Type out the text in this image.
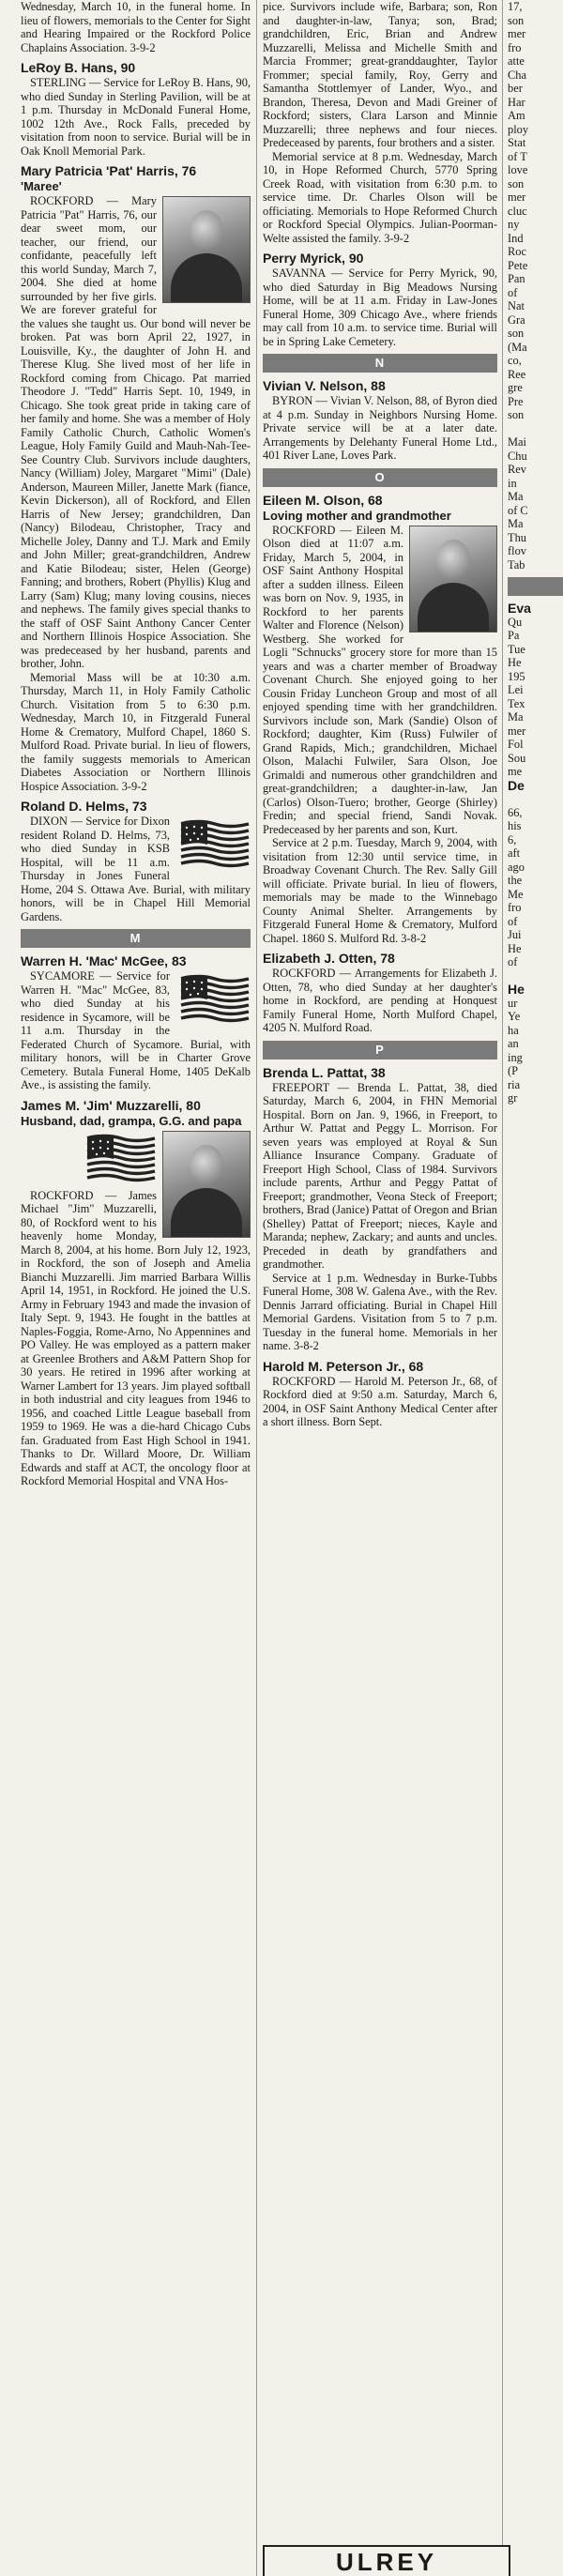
Wednesday, March 10, in the funeral home. In lieu of flowers, memorials to the Center for Sight and Hearing Impaired or the Rockford Police Chaplains Association. 3-9-2

LeRoy B. Hans, 90

STERLING — Service for LeRoy B. Hans, 90, who died Sunday in Sterling Pavilion, will be at 1 p.m. Thursday in McDonald Funeral Home, 1002 12th Ave., Rock Falls, preceded by visitation from noon to service. Burial will be in Oak Knoll Memorial Park.

Mary Patricia 'Pat' Harris, 76
'Maree'

ROCKFORD — Mary Patricia "Pat" Harris, 76, our dear sweet mom, our teacher, our friend, our confidante, peacefully left this world Sunday, March 7, 2004. She died at home surrounded by her five girls. We are forever grateful for the values she taught us. Our bond will never be broken. Pat was born April 22, 1927, in Louisville, Ky., the daughter of John H. and Therese Klug. She lived most of her life in Rockford coming from Chicago. Pat married Theodore J. "Tedd" Harris Sept. 10, 1949, in Chicago. She took great pride in taking care of her family and home. She was a member of Holy Family Catholic Church, Catholic Women's League, Holy Family Guild and Mauh-Nah-Tee-See Country Club. Survivors include daughters, Nancy (William) Joley, Margaret "Mimi" (Dale) Anderson, Maureen Miller, Janette Mark (fiance, Kevin Dickerson), all of Rockford, and Ellen Harris of New Jersey; grandchildren, Dan (Nancy) Bilodeau, Christopher, Tracy and Michelle Joley, Danny and T.J. Mark and Emily and John Miller; great-grandchildren, Andrew and Katie Bilodeau; sister, Helen (George) Fanning; and brothers, Robert (Phyllis) Klug and Larry (Sam) Klug; many loving cousins, nieces and nephews. The family gives special thanks to the staff of OSF Saint Anthony Cancer Center and Northern Illinois Hospice Association. She was predeceased by her husband, parents and brother, John.

Memorial Mass will be at 10:30 a.m. Thursday, March 11, in Holy Family Catholic Church. Visitation from 5 to 6:30 p.m. Wednesday, March 10, in Fitzgerald Funeral Home & Crematory, Mulford Chapel, 1860 S. Mulford Road. Private burial. In lieu of flowers, the family suggests memorials to American Diabetes Association or Northern Illinois Hospice Association. 3-9-2

Roland D. Helms, 73

DIXON — Service for Dixon resident Roland D. Helms, 73, who died Sunday in KSB Hospital, will be 11 a.m. Thursday in Jones Funeral Home, 204 S. Ottawa Ave. Burial, with military honors, will be in Chapel Hill Memorial Gardens.

M
Warren H. 'Mac' McGee, 83

SYCAMORE — Service for Warren H. "Mac" McGee, 83, who died Sunday at his residence in Sycamore, will be 11 a.m. Thursday in the Federated Church of Sycamore. Burial, with military honors, will be in Charter Grove Cemetery. Butala Funeral Home, 1405 DeKalb Ave., is assisting the family.

James M. 'Jim' Muzzarelli, 80
Husband, dad, grampa, G.G. and papa

ROCKFORD — James Michael "Jim" Muzzarelli, 80, of Rockford went to his heavenly home Monday, March 8, 2004, at his home. Born July 12, 1923, in Rockford, the son of Joseph and Amelia Bianchi Muzzarelli. Jim married Barbara Willis April 14, 1951, in Rockford. He joined the U.S. Army in February 1943 and made the invasion of Italy Sept. 9, 1943. He fought in the battles at Naples-Foggia, Rome-Arno, No Appennines and PO Valley. He was employed as a pattern maker at Greenlee Brothers and A&M Pattern Shop for 30 years. He retired in 1996 after working at Warner Lambert for 13 years. Jim played softball in both industrial and city leagues from 1946 to 1956, and coached Little League baseball from 1959 to 1969. He was a die-hard Chicago Cubs fan. Graduated from East High School in 1941. Thanks to Dr. Willard Moore, Dr. William Edwards and staff at ACT, the oncology floor at Rockford Memorial Hospital and VNA Hos-

pice. Survivors include wife, Barbara; son, Ron and daughter-in-law, Tanya; son, Brad; grandchildren, Eric, Brian and Andrew Muzzarelli, Melissa and Michelle Smith and Marcia Frommer; great-granddaughter, Taylor Frommer; special family, Roy, Gerry and Samantha Stottlemyer of Lander, Wyo., and Brandon, Theresa, Devon and Madi Greiner of Rockford; sisters, Clara Larson and Minnie Muzzarelli; three nephews and four nieces. Predeceased by parents, four brothers and a sister.

Memorial service at 8 p.m. Wednesday, March 10, in Hope Reformed Church, 5770 Spring Creek Road, with visitation from 6:30 p.m. to service time. Dr. Charles Olson will be officiating. Memorials to Hope Reformed Church or Rockford Special Olympics. Julian-Poorman-Welte assisted the family. 3-9-2

Perry Myrick, 90

SAVANNA — Service for Perry Myrick, 90, who died Saturday in Big Meadows Nursing Home, will be at 11 a.m. Friday in Law-Jones Funeral Home, 309 Chicago Ave., where friends may call from 10 a.m. to service time. Burial will be in Spring Lake Cemetery.

N
Vivian V. Nelson, 88

BYRON — Vivian V. Nelson, 88, of Byron died at 4 p.m. Sunday in Neighbors Nursing Home. Private service will be at a later date. Arrangements by Delehanty Funeral Home Ltd., 401 River Lane, Loves Park.

O
Eileen M. Olson, 68
Loving mother and grandmother

ROCKFORD — Eileen M. Olson died at 11:07 a.m. Friday, March 5, 2004, in OSF Saint Anthony Hospital after a sudden illness. Eileen was born on Nov. 9, 1935, in Rockford to her parents Walter and Florence (Nelson) Westberg. She worked for Logli "Schnucks" grocery store for more than 15 years and was a charter member of Broadway Covenant Church. She enjoyed going to her Cousin Friday Luncheon Group and most of all enjoyed spending time with her grandchildren. Survivors include son, Mark (Sandie) Olson of Rockford; daughter, Kim (Russ) Fulwiler of Grand Rapids, Mich.; grandchildren, Michael Olson, Malachi Fulwiler, Sara Olson, Joe Grimaldi and numerous other grandchildren and great-grandchildren; a daughter-in-law, Jan (Carlos) Olson-Tuero; brother, George (Shirley) Fredin; and special friend, Sandi Novak. Predeceased by her parents and son, Kurt.

Service at 2 p.m. Tuesday, March 9, 2004, with visitation from 12:30 until service time, in Broadway Covenant Church. The Rev. Sally Gill will officiate. Private burial. In lieu of flowers, memorials may be made to the Winnebago County Animal Shelter. Arrangements by Fitzgerald Funeral Home & Crematory, Mulford Chapel. 1860 S. Mulford Rd. 3-8-2

Elizabeth J. Otten, 78

ROCKFORD — Arrangements for Elizabeth J. Otten, 78, who died Sunday at her daughter's home in Rockford, are pending at Honquest Family Funeral Home, North Mulford Chapel, 4205 N. Mulford Road.

P
Brenda L. Pattat, 38

FREEPORT — Brenda L. Pattat, 38, died Saturday, March 6, 2004, in FHN Memorial Hospital. Born on Jan. 9, 1966, in Freeport, to Arthur W. Pattat and Peggy L. Morrison. For seven years was employed at Royal & Sun Alliance Insurance Company. Graduate of Freeport High School, Class of 1984. Survivors include parents, Arthur and Peggy Pattat of Freeport; grandmother, Veona Steck of Freeport; brothers, Brad (Janice) Pattat of Oregon and Brian (Shelley) Pattat of Freeport; nieces, Kayle and Maranda; nephew, Zackary; and aunts and uncles. Preceded in death by grandfathers and grandmother.

Service at 1 p.m. Wednesday in Burke-Tubbs Funeral Home, 308 W. Galena Ave., with the Rev. Dennis Jarrard officiating. Burial in Chapel Hill Memorial Gardens. Visitation from 5 to 7 p.m. Tuesday in the funeral home. Memorials in her name. 3-8-2

Harold M. Peterson Jr., 68

ROCKFORD — Harold M. Peterson Jr., 68, of Rockford died at 9:50 a.m. Saturday, March 6, 2004, in OSF Saint Anthony Medical Center after a short illness. Born Sept.

17,

son

mer

fro

atte

Cha

ber

Har

Am

ploy

Stat

of T

love

son

mer

cluc

ny

Ind

Roc

Pete

Pan

of

Nat

Gra

son

(Ma

co,

Ree

gre

Pre

son

Mai

Chu

Rev

in

Ma

of C

Ma

Thu

flov

Tab

Eva

Qu

Pa

Tue

He

195

Lei

Tex

Ma

mer

Fol

Sou

me

De

66,

his

6,

aft

ago

the

Me

fro

of

Jui

He

of

He

ur

Ye

ha

an

ing

(P

ria

gr

ULREY
